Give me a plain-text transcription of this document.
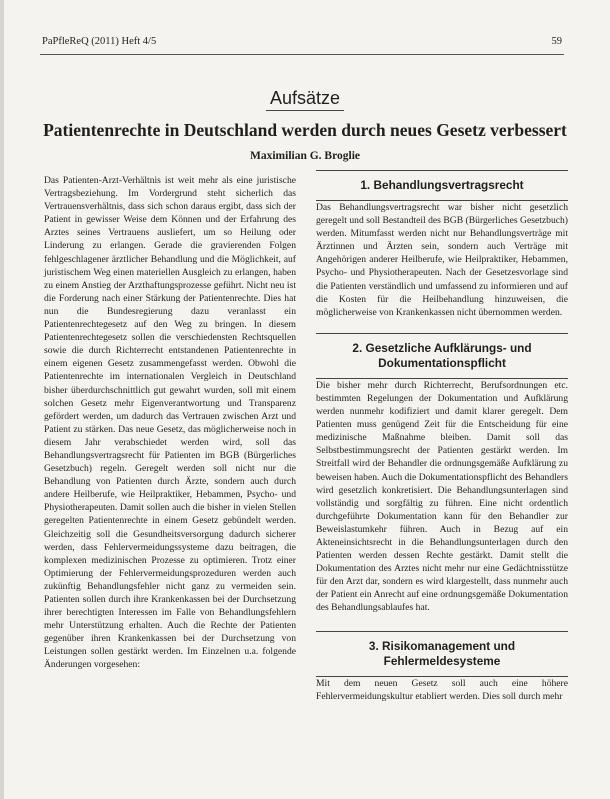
PaPfleReQ (2011) Heft 4/5	59
Aufsätze
Patientenrechte in Deutschland werden durch neues Gesetz verbessert
Maximilian G. Broglie

Das Patienten-Arzt-Verhältnis ist weit mehr als eine juristische Vertragsbeziehung. Im Vordergrund steht sicherlich das Vertrauensverhältnis, dass sich schon daraus ergibt, dass sich der Patient in gewisser Weise dem Können und der Erfahrung des Arztes seines Vertrauens ausliefert, um so Heilung oder Linderung zu erlangen. Gerade die gravierenden Folgen fehlgeschlagener ärztlicher Behandlung und die Möglichkeit, auf juristischem Weg einen materiellen Ausgleich zu erlangen, haben zu einem Anstieg der Arzthaftungsprozesse geführt. Nicht neu ist die Forderung nach einer Stärkung der Patientenrechte. Dies hat nun die Bundesregierung dazu veranlasst ein Patientenrechtegesetz auf den Weg zu bringen. In diesem Patientenrechtegesetz sollen die verschiedensten Rechtsquellen sowie die durch Richterrecht entstandenen Patientenrechte in einem eigenen Gesetz zusammengefasst werden. Obwohl die Patientenrechte im internationalen Vergleich in Deutschland bisher überdurchschnittlich gut gewahrt wurden, soll mit einem solchen Gesetz mehr Eigenverantwortung und Transparenz gefördert werden, um dadurch das Vertrauen zwischen Arzt und Patient zu stärken. Das neue Gesetz, das möglicherweise noch in diesem Jahr verabschiedet werden wird, soll das Behandlungsvertragsrecht für Patienten im BGB (Bürgerliches Gesetzbuch) regeln. Geregelt werden soll nicht nur die Behandlung von Patienten durch Ärzte, sondern auch durch andere Heilberufe, wie Heilpraktiker, Hebammen, Psycho- und Physiotherapeuten. Damit sollen auch die bisher in vielen Stellen geregelten Patientenrechte in einem Gesetz gebündelt werden. Gleichzeitig soll die Gesundheitsversorgung dadurch sicherer werden, dass Fehlervermeidungssysteme dazu beitragen, die komplexen medizinischen Prozesse zu optimieren. Trotz einer Optimierung der Fehlervermeidungsprozeduren werden auch zukünftig Behandlungsfehler nicht ganz zu vermeiden sein. Patienten sollen durch ihre Krankenkassen bei der Durchsetzung ihrer berechtigten Interessen im Falle von Behandlungsfehlern mehr Unterstützung erhalten. Auch die Rechte der Patienten gegenüber ihren Krankenkassen bei der Durchsetzung von Leistungen sollen gestärkt werden. Im Einzelnen u.a. folgende Änderungen vorgesehen:

1. Behandlungsvertragsrecht

Das Behandlungsvertragsrecht war bisher nicht gesetzlich geregelt und soll Bestandteil des BGB (Bürgerliches Gesetzbuch) werden. Mitumfasst werden nicht nur Behandlungsverträge mit Ärztinnen und Ärzten sein, sondern auch Verträge mit Angehörigen anderer Heilberufe, wie Heilpraktiker, Hebammen, Psycho- und Physiotherapeuten. Nach der Gesetzesvorlage sind die Patienten verständlich und umfassend zu informieren und auf die Kosten für die Heilbehandlung hinzuweisen, die möglicherweise von Krankenkassen nicht übernommen werden.

2. Gesetzliche Aufklärungs- und Dokumentationspflicht

Die bisher mehr durch Richterrecht, Berufsordnungen etc. bestimmten Regelungen der Dokumentation und Aufklärung werden nunmehr kodifiziert und damit klarer geregelt. Dem Patienten muss genügend Zeit für die Entscheidung für eine medizinische Maßnahme bleiben. Damit soll das Selbstbestimmungsrecht der Patienten gestärkt werden. Im Streitfall wird der Behandler die ordnungsgemäße Aufklärung zu beweisen haben. Auch die Dokumentationspflicht des Behandlers wird gesetzlich konkretisiert. Die Behandlungsunterlagen sind vollständig und sorgfältig zu führen. Eine nicht ordentlich durchgeführte Dokumentation kann für den Behandler zur Beweislastumkehr führen. Auch in Bezug auf ein Akteneinsichtsrecht in die Behandlungsunterlagen durch den Patienten werden dessen Rechte gestärkt. Damit stellt die Dokumentation des Arztes nicht mehr nur eine Gedächtnisstütze für den Arzt dar, sondern es wird klargestellt, dass nunmehr auch der Patient ein Anrecht auf eine ordnungsgemäße Dokumentation des Behandlungsablaufes hat.

3. Risikomanagement und Fehlermeldesysteme

Mit dem neuen Gesetz soll auch eine höhere Fehlervermeidungskultur etabliert werden. Dies soll durch mehr
